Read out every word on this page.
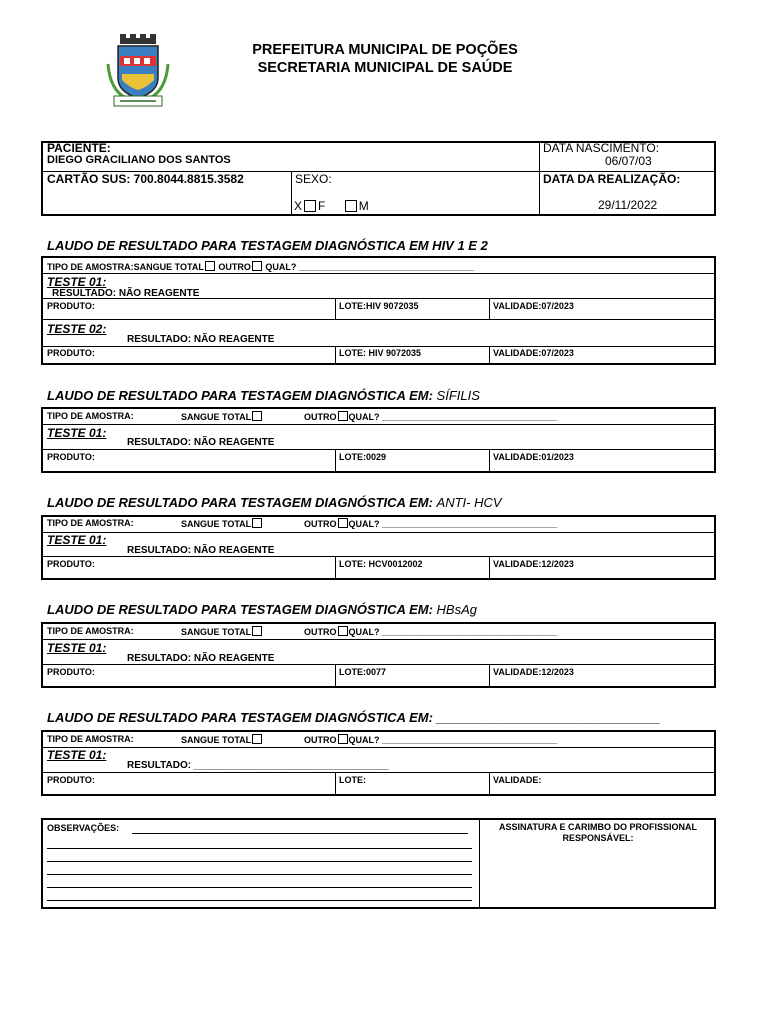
PREFEITURA MUNICIPAL DE POÇÕES
SECRETARIA MUNICIPAL DE SAÚDE
PACIENTE:
DIEGO GRACILIANO DOS SANTOS
DATA NASCIMENTO:
06/07/03
CARTÃO SUS: 700.8044.8815.3582	SEXO:
X F	M
DATA DA REALIZAÇÃO:
29/11/2022
LAUDO DE RESULTADO PARA TESTAGEM DIAGNÓSTICA EM HIV 1 E 2
TIPO DE AMOSTRA:SANGUE TOTAL OUTRO QUAL? ___________________________________
TESTE 01:
RESULTADO: NÃO REAGENTE
PRODUTO:	LOTE:HIV 9072035	VALIDADE:07/2023
TESTE 02:
RESULTADO: NÃO REAGENTE
PRODUTO:	LOTE: HIV 9072035	VALIDADE:07/2023
LAUDO DE RESULTADO PARA TESTAGEM DIAGNÓSTICA EM: SÍFILIS
TIPO DE AMOSTRA:	SANGUE TOTAL	OUTRO QUAL? ___________________________________
TESTE 01:
RESULTADO: NÃO REAGENTE
PRODUTO:	LOTE:0029	VALIDADE:01/2023
LAUDO DE RESULTADO PARA TESTAGEM DIAGNÓSTICA EM: ANTI- HCV
TIPO DE AMOSTRA:	SANGUE TOTAL	OUTRO QUAL? ___________________________________
TESTE 01:
RESULTADO: NÃO REAGENTE
PRODUTO:	LOTE: HCV0012002	VALIDADE:12/2023
LAUDO DE RESULTADO PARA TESTAGEM DIAGNÓSTICA EM: HBsAg
TIPO DE AMOSTRA:	SANGUE TOTAL	OUTRO QUAL? ___________________________________
TESTE 01:
RESULTADO: NÃO REAGENTE
PRODUTO:	LOTE:0077	VALIDADE:12/2023
LAUDO DE RESULTADO PARA TESTAGEM DIAGNÓSTICA EM: _______________________________
TIPO DE AMOSTRA:	SANGUE TOTAL	OUTRO QUAL? ___________________________________
TESTE 01:
RESULTADO: ___________________________________
PRODUTO:	LOTE:	VALIDADE:
OBSERVAÇÕES:	ASSINATURA E CARIMBO DO PROFISSIONAL
RESPONSÁVEL:
